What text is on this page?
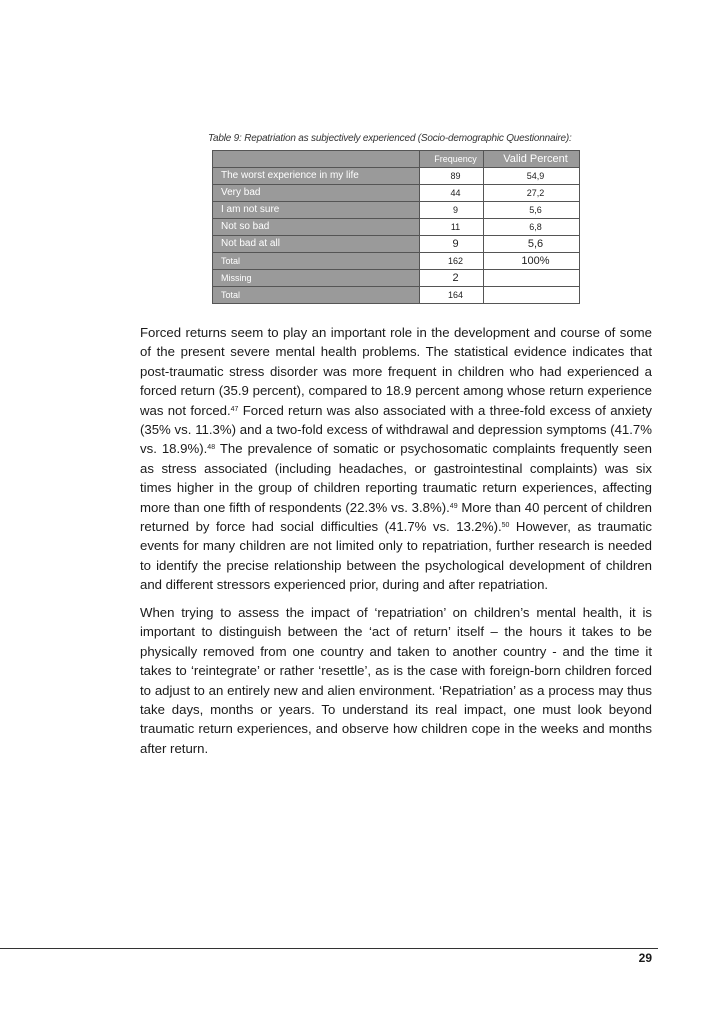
Table 9: Repatriation as subjectively experienced (Socio-demographic Questionnaire):
	Frequency	Valid Percent
The worst experience in my life	89	54,9
Very bad	44	27,2
I am not sure	9	5,6
Not so bad	11	6,8
Not bad at all	9	5,6
Total	162	100%
Missing	2	
Total	164	

Forced returns seem to play an important role in the development and course of some of the present severe mental health problems. The statistical evidence indicates that post-traumatic stress disorder was more frequent in children who had experienced a forced return (35.9 percent), compared to 18.9 percent among whose return experience was not forced.$^{47}$ Forced return was also associated with a three-fold excess of anxiety (35% vs. 11.3%) and a two-fold excess of withdrawal and depression symptoms (41.7% vs. 18.9%).$^{48}$ The prevalence of somatic or psychosomatic complaints frequently seen as stress associated (including headaches, or gastrointestinal complaints) was six times higher in the group of children reporting traumatic return experiences, affecting more than one fifth of respondents (22.3% vs. 3.8%).$^{49}$ More than 40 percent of children returned by force had social difficulties (41.7% vs. 13.2%).$^{50}$ However, as traumatic events for many children are not limited only to repatriation, further research is needed to identify the precise relationship between the psychological development of children and different stressors experienced prior, during and after repatriation.

When trying to assess the impact of ‘repatriation’ on children’s mental health, it is important to distinguish between the ‘act of return’ itself – the hours it takes to be physically removed from one country and taken to another country - and the time it takes to ‘reintegrate’ or rather ‘resettle’, as is the case with foreign-born children forced to adjust to an entirely new and alien environment. ‘Repatriation’ as a process may thus take days, months or years. To understand its real impact, one must look beyond traumatic return experiences, and observe how children cope in the weeks and months after return.

29
